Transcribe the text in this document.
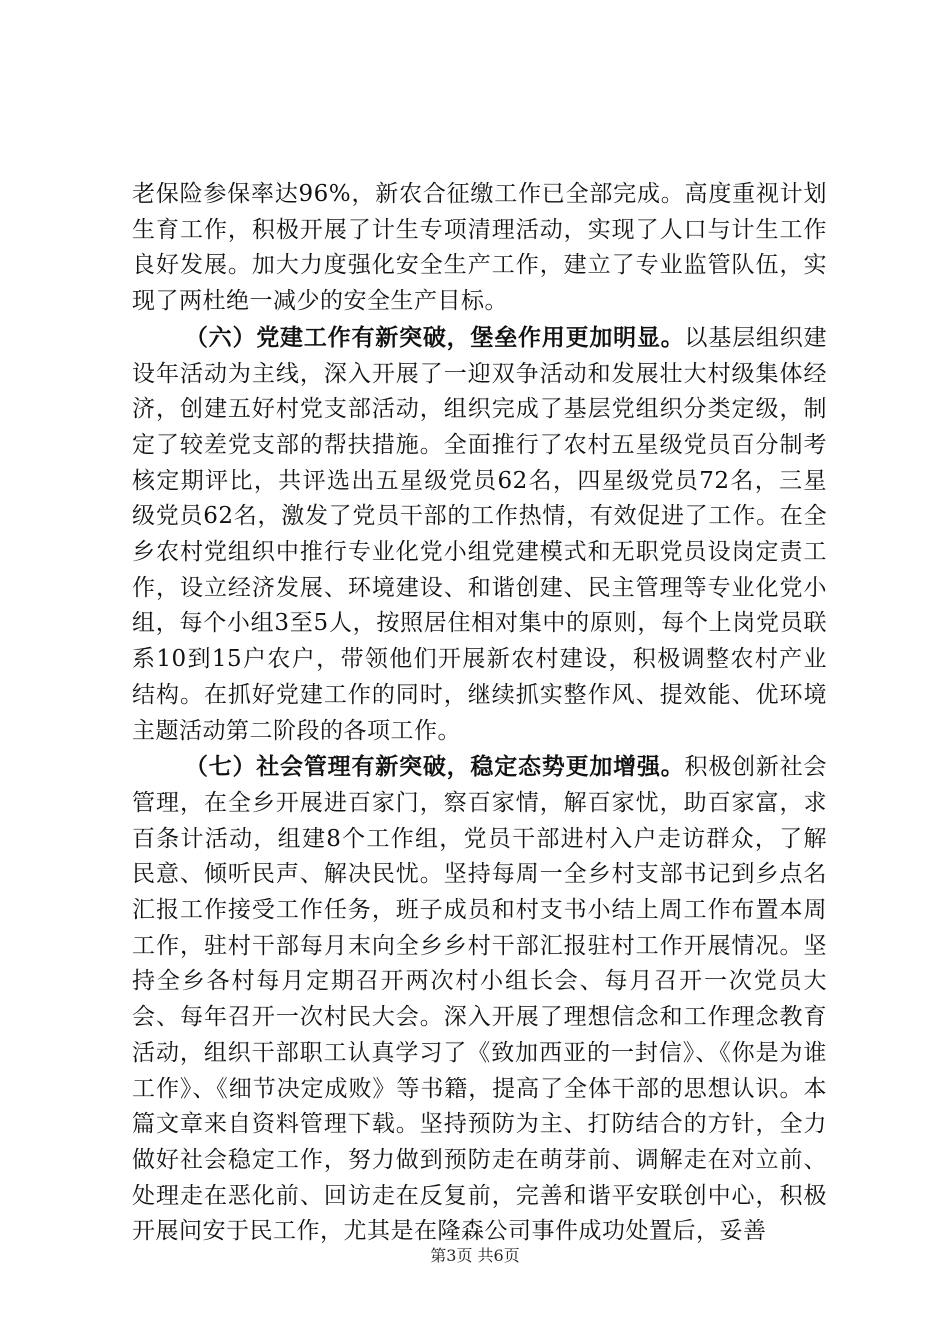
老保险参保率达96%，新农合征缴工作已全部完成。高度重视计划生育工作，积极开展了计生专项清理活动，实现了人口与计生工作良好发展。加大力度强化安全生产工作，建立了专业监管队伍，实现了两杜绝一减少的安全生产目标。

（六）党建工作有新突破，堡垒作用更加明显。以基层组织建设年活动为主线，深入开展了一迎双争活动和发展壮大村级集体经济，创建五好村党支部活动，组织完成了基层党组织分类定级，制定了较差党支部的帮扶措施。全面推行了农村五星级党员百分制考核定期评比，共评选出五星级党员62名，四星级党员72名，三星级党员62名，激发了党员干部的工作热情，有效促进了工作。在全乡农村党组织中推行专业化党小组党建模式和无职党员设岗定责工作，设立经济发展、环境建设、和谐创建、民主管理等专业化党小组，每个小组3至5人，按照居住相对集中的原则，每个上岗党员联系10到15户农户，带领他们开展新农村建设，积极调整农村产业结构。在抓好党建工作的同时，继续抓实整作风、提效能、优环境主题活动第二阶段的各项工作。

（七）社会管理有新突破，稳定态势更加增强。积极创新社会管理，在全乡开展进百家门，察百家情，解百家忧，助百家富，求百条计活动，组建8个工作组，党员干部进村入户走访群众，了解民意、倾听民声、解决民忧。坚持每周一全乡村支部书记到乡点名汇报工作接受工作任务，班子成员和村支书小结上周工作布置本周工作，驻村干部每月末向全乡乡村干部汇报驻村工作开展情况。坚持全乡各村每月定期召开两次村小组长会、每月召开一次党员大会、每年召开一次村民大会。深入开展了理想信念和工作理念教育活动，组织干部职工认真学习了《致加西亚的一封信》、《你是为谁工作》、《细节决定成败》等书籍，提高了全体干部的思想认识。本篇文章来自资料管理下载。坚持预防为主、打防结合的方针，全力做好社会稳定工作，努力做到预防走在萌芽前、调解走在对立前、处理走在恶化前、回访走在反复前，完善和谐平安联创中心，积极开展问安于民工作，尤其是在隆森公司事件成功处置后，妥善

第3页 共6页
